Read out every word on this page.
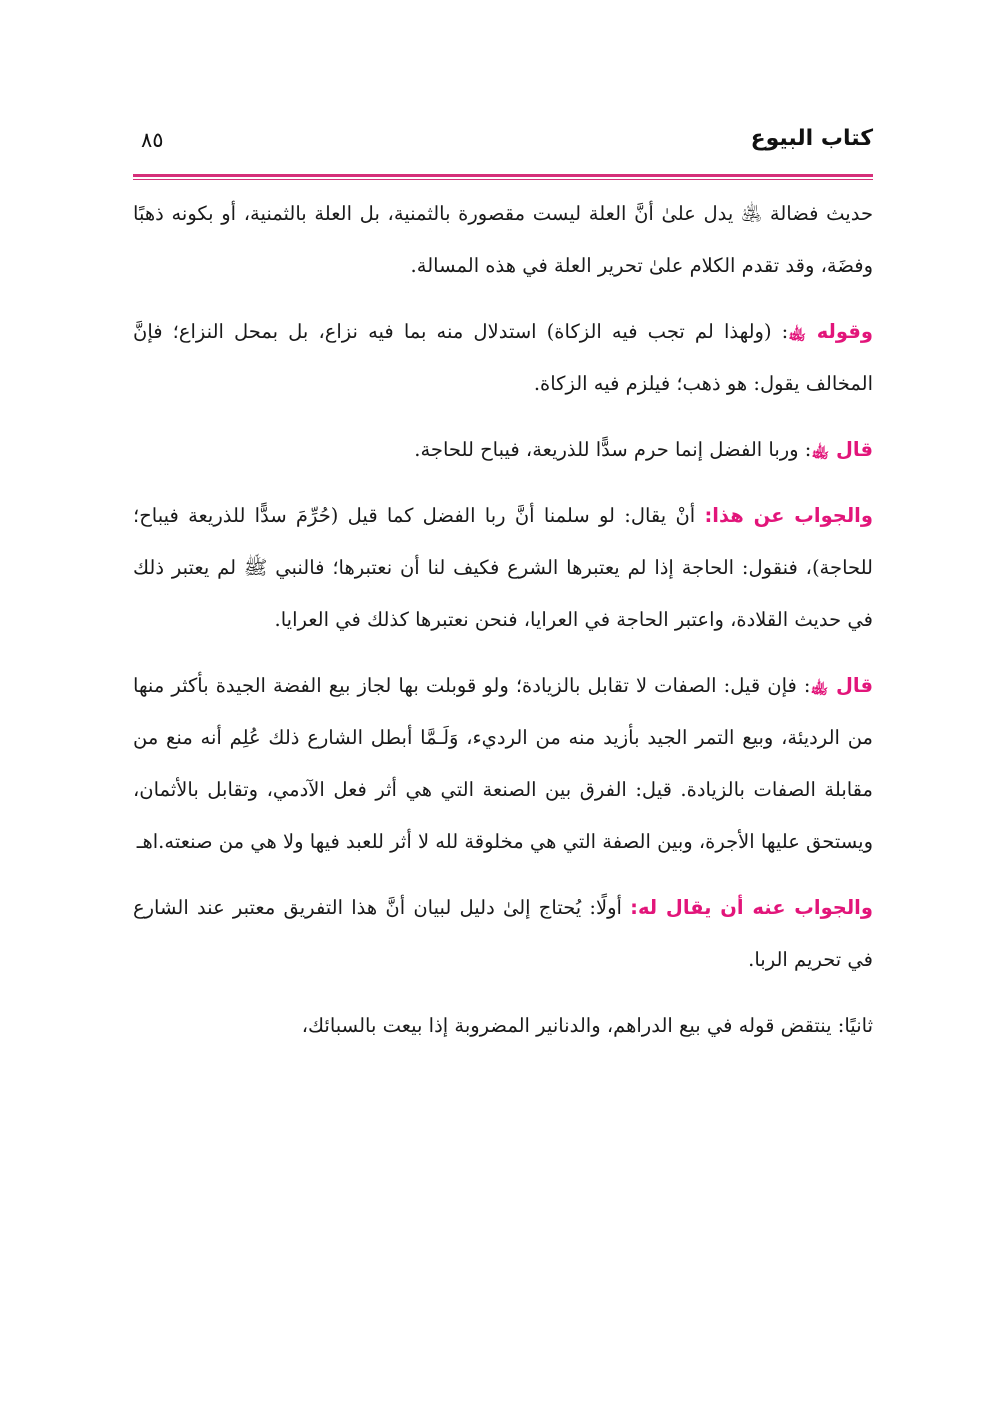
كتاب البيوع
٨٥

حديث فضالة ﵁ يدل علىٰ أنَّ العلة ليست مقصورة بالثمنية، بل العلة بالثمنية، أو بكونه ذهبًا وفضَة، وقد تقدم الكلام علىٰ تحرير العلة في هذه المسالة.

وقوله ﵀: (ولهذا لم تجب فيه الزكاة) استدلال منه بما فيه نزاع، بل بمحل النزاع؛ فإنَّ المخالف يقول: هو ذهب؛ فيلزم فيه الزكاة.

قال ﵀: وربا الفضل إنما حرم سدًّا للذريعة، فيباح للحاجة.

والجواب عن هذا: أنْ يقال: لو سلمنا أنَّ ربا الفضل كما قيل (حُرِّمَ سدًّا للذريعة فيباح؛ للحاجة)، فنقول: الحاجة إذا لم يعتبرها الشرع فكيف لنا أن نعتبرها؛ فالنبي ﷺ لم يعتبر ذلك في حديث القلادة، واعتبر الحاجة في العرايا، فنحن نعتبرها كذلك في العرايا.

قال ﵀: فإن قيل: الصفات لا تقابل بالزيادة؛ ولو قوبلت بها لجاز بيع الفضة الجيدة بأكثر منها من الرديئة، وبيع التمر الجيد بأزيد منه من الرديء، وَلَـمَّا أبطل الشارع ذلك عُلِم أنه منع من مقابلة الصفات بالزيادة. قيل: الفرق بين الصنعة التي هي أثر فعل الآدمي، وتقابل بالأثمان، ويستحق عليها الأجرة، وبين الصفة التي هي مخلوقة لله لا أثر للعبد فيها ولا هي من صنعته.اهـ

والجواب عنه أن يقال له: أولًا: يُحتاج إلىٰ دليل لبيان أنَّ هذا التفريق معتبر عند الشارع في تحريم الربا.

ثانيًا: ينتقض قوله في بيع الدراهم، والدنانير المضروبة إذا بيعت بالسبائك،
